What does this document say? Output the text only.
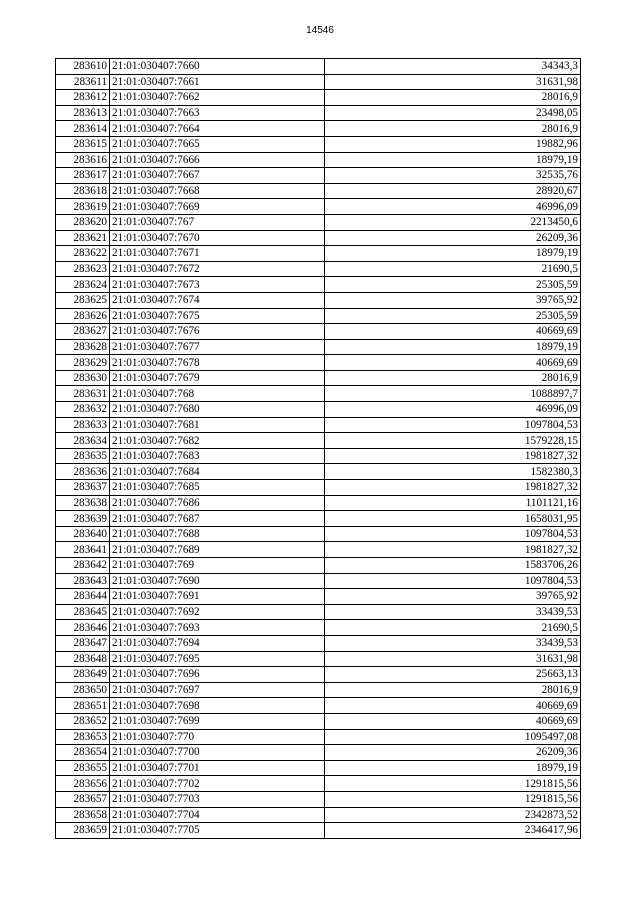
14546
283610	21:01:030407:7660	34343,3
283611	21:01:030407:7661	31631,98
283612	21:01:030407:7662	28016,9
283613	21:01:030407:7663	23498,05
283614	21:01:030407:7664	28016,9
283615	21:01:030407:7665	19882,96
283616	21:01:030407:7666	18979,19
283617	21:01:030407:7667	32535,76
283618	21:01:030407:7668	28920,67
283619	21:01:030407:7669	46996,09
283620	21:01:030407:767	2213450,6
283621	21:01:030407:7670	26209,36
283622	21:01:030407:7671	18979,19
283623	21:01:030407:7672	21690,5
283624	21:01:030407:7673	25305,59
283625	21:01:030407:7674	39765,92
283626	21:01:030407:7675	25305,59
283627	21:01:030407:7676	40669,69
283628	21:01:030407:7677	18979,19
283629	21:01:030407:7678	40669,69
283630	21:01:030407:7679	28016,9
283631	21:01:030407:768	1088897,7
283632	21:01:030407:7680	46996,09
283633	21:01:030407:7681	1097804,53
283634	21:01:030407:7682	1579228,15
283635	21:01:030407:7683	1981827,32
283636	21:01:030407:7684	1582380,3
283637	21:01:030407:7685	1981827,32
283638	21:01:030407:7686	1101121,16
283639	21:01:030407:7687	1658031,95
283640	21:01:030407:7688	1097804,53
283641	21:01:030407:7689	1981827,32
283642	21:01:030407:769	1583706,26
283643	21:01:030407:7690	1097804,53
283644	21:01:030407:7691	39765,92
283645	21:01:030407:7692	33439,53
283646	21:01:030407:7693	21690,5
283647	21:01:030407:7694	33439,53
283648	21:01:030407:7695	31631,98
283649	21:01:030407:7696	25663,13
283650	21:01:030407:7697	28016,9
283651	21:01:030407:7698	40669,69
283652	21:01:030407:7699	40669,69
283653	21:01:030407:770	1095497,08
283654	21:01:030407:7700	26209,36
283655	21:01:030407:7701	18979,19
283656	21:01:030407:7702	1291815,56
283657	21:01:030407:7703	1291815,56
283658	21:01:030407:7704	2342873,52
283659	21:01:030407:7705	2346417,96
